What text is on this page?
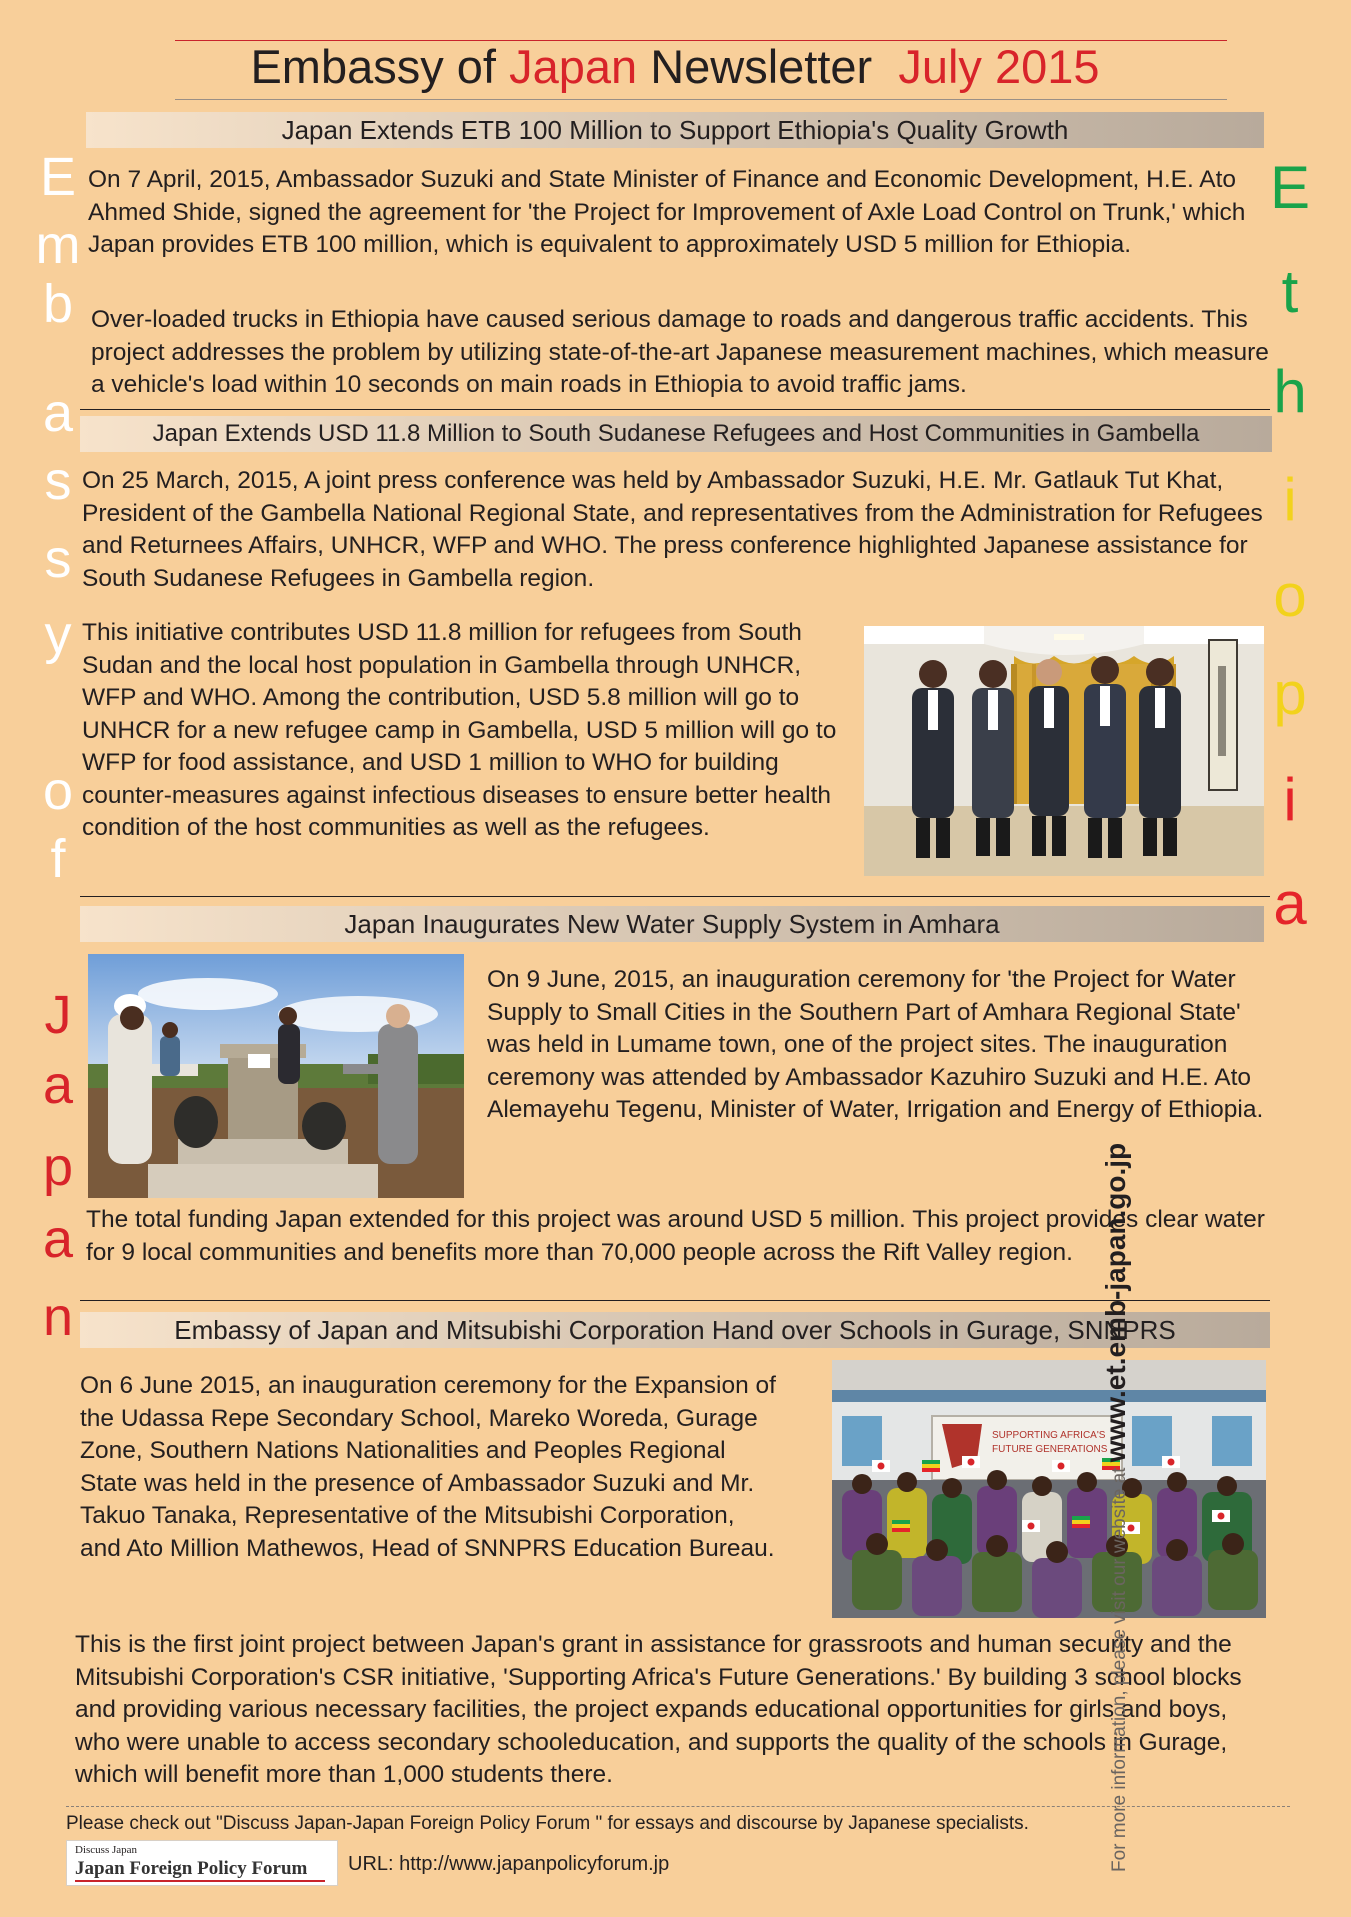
Embassy of Japan Newsletter July 2015
E
m
b
a
s
s
y
o
f
J
a
p
a
n
E
t
h
i
o
p
i
a
Japan Extends ETB 100 Million to Support Ethiopia's Quality Growth

On 7 April, 2015, Ambassador Suzuki and State Minister of Finance and Economic Development, H.E. Ato Ahmed Shide, signed the agreement for 'the Project for Improvement of Axle Load Control on Trunk,' which Japan provides ETB 100 million, which is equivalent to approximately USD 5 million for Ethiopia.

Over-loaded trucks in Ethiopia have caused serious damage to roads and dangerous traffic accidents. This project addresses the problem by utilizing state-of-the-art Japanese measurement machines, which measure a vehicle's load within 10 seconds on main roads in Ethiopia to avoid traffic jams.

Japan Extends USD 11.8 Million to South Sudanese Refugees and Host Communities in Gambella

On 25 March, 2015, A joint press conference was held by Ambassador Suzuki, H.E. Mr. Gatlauk Tut Khat, President of the Gambella National Regional State, and representatives from the Administration for Refugees and Returnees Affairs, UNHCR, WFP and WHO. The press conference highlighted Japanese assistance for South Sudanese Refugees in Gambella region.

This initiative contributes USD 11.8 million for refugees from South Sudan and the local host population in Gambella through UNHCR, WFP and WHO. Among the contribution, USD 5.8 million will go to UNHCR for a new refugee camp in Gambella, USD 5 million will go to WFP for food assistance, and USD 1 million to WHO for building counter-measures against infectious diseases to ensure better health condition of the host communities as well as the refugees.

Japan Inaugurates New Water Supply System in Amhara

On 9 June, 2015, an inauguration ceremony for 'the Project for Water Supply to Small Cities in the Southern Part of Amhara Regional State' was held in Lumame town, one of the project sites. The inauguration ceremony was attended by Ambassador Kazuhiro Suzuki and H.E. Ato Alemayehu Tegenu, Minister of Water, Irrigation and Energy of Ethiopia.

The total funding Japan extended for this project was around USD 5 million. This project provides clear water for 9 local communities and benefits more than 70,000 people across the Rift Valley region.

Embassy of Japan and Mitsubishi Corporation Hand over Schools in Gurage, SNNPRS

On 6 June 2015, an inauguration ceremony for the Expansion of the Udassa Repe Secondary School, Mareko Woreda, Gurage Zone, Southern Nations Nationalities and Peoples Regional State was held in the presence of Ambassador Suzuki and Mr. Takuo Tanaka, Representative of the Mitsubishi Corporation, and Ato Million Mathewos, Head of SNNPRS Education Bureau.

SUPPORTING AFRICA'S
FUTURE GENERATIONS

This is the first joint project between Japan's grant in assistance for grassroots and human security and the Mitsubishi Corporation's CSR initiative, 'Supporting Africa's Future Generations.' By building 3 school blocks and providing various necessary facilities, the project expands educational opportunities for girls and boys, who were unable to access secondary schooleducation, and supports the quality of the schools in Gurage, which will benefit more than 1,000 students there.	For more information, please visit our website at www.et.emb-japan.go.jp
Please check out "Discuss Japan-Japan Foreign Policy Forum " for essays and discourse by Japanese specialists.
Discuss Japan
Japan Foreign Policy Forum URL: http://www.japanpolicyforum.jp
